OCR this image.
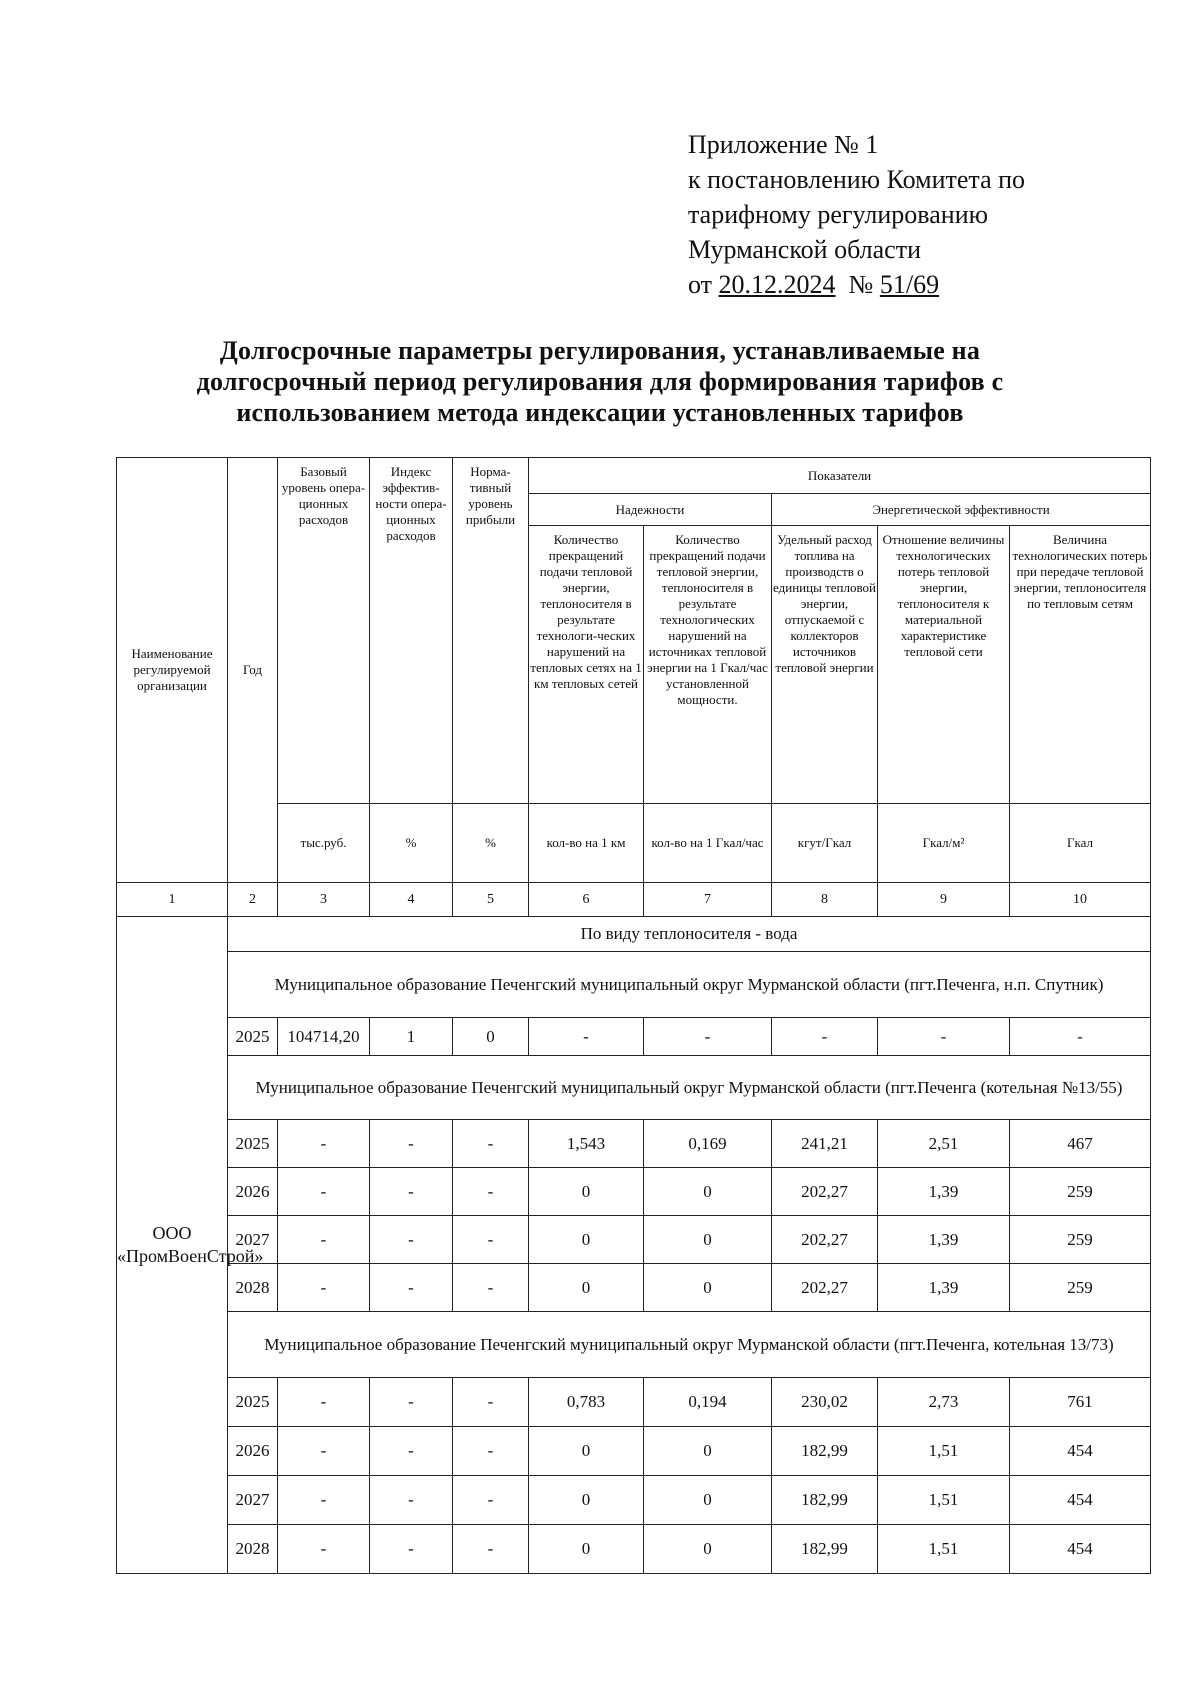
Приложение № 1
к постановлению Комитета по
тарифному регулированию
Мурманской области
от 20.12.2024 № 51/69
Долгосрочные параметры регулирования, устанавливаемые на
долгосрочный период регулирования для формирования тарифов с
использованием метода индексации установленных тарифов
Наименование регулируемой организации	Год	Базовый уровень опера-ционных расходов	Индекс эффектив-ности опера-ционных расходов	Норма-тивный уровень прибыли	Показатели				
					Надежности		Энергетической эффективности		
					Количество прекращений подачи тепловой энергии, теплоносителя в результате технологи-ческих нарушений на тепловых сетях на 1 км тепловых сетей	Количество прекращений подачи тепловой энергии, теплоносителя в результате технологических нарушений на источниках тепловой энергии на 1 Гкал/час установленной мощности.	Удельный расход топлива на производств о единицы тепловой энергии, отпускаемой с коллекторов источников тепловой энергии	Отношение величины технологических потерь тепловой энергии, теплоносителя к материальной характеристике тепловой сети	Величина технологических потерь при передаче тепловой энергии, теплоносителя по тепловым сетям
		тыс.руб.	%	%	кол-во на 1 км	кол-во на 1 Гкал/час	кгут/Гкал	Гкал/м²	Гкал
1	2	3	4	5	6	7	8	9	10
ООО «ПромВоенСтрой»	По виду теплоносителя - вода								
	Муниципальное образование Печенгский муниципальный округ Мурманской области (пгт.Печенга, н.п. Спутник)								
	2025	104714,20	1	0	-	-	-	-	-
	Муниципальное образование Печенгский муниципальный округ Мурманской области (пгт.Печенга (котельная №13/55)								
	2025	-	-	-	1,543	0,169	241,21	2,51	467
	2026	-	-	-	0	0	202,27	1,39	259
	2027	-	-	-	0	0	202,27	1,39	259
	2028	-	-	-	0	0	202,27	1,39	259
	Муниципальное образование Печенгский муниципальный округ Мурманской области (пгт.Печенга, котельная 13/73)								
	2025	-	-	-	0,783	0,194	230,02	2,73	761
	2026	-	-	-	0	0	182,99	1,51	454
	2027	-	-	-	0	0	182,99	1,51	454
	2028	-	-	-	0	0	182,99	1,51	454
